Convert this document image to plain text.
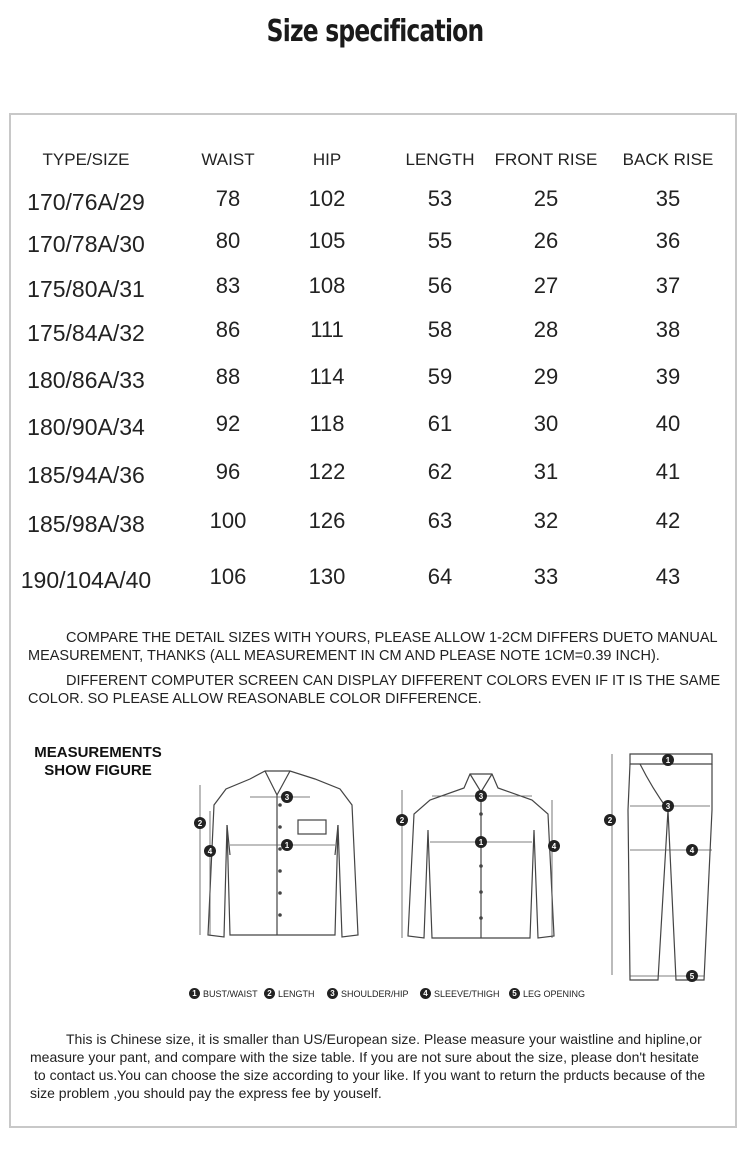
Size specification
TYPE/SIZE	WAIST	HIP	LENGTH	FRONT RISE	BACK RISE
170/76A/29	78	102	53	25	35
170/78A/30	80	105	55	26	36
175/80A/31	83	108	56	27	37
175/84A/32	86	111	58	28	38
180/86A/33	88	114	59	29	39
180/90A/34	92	118	61	30	40
185/94A/36	96	122	62	31	41
185/98A/38	100	126	63	32	42
190/104A/40	106	130	64	33	43
COMPARE THE DETAIL SIZES WITH YOURS, PLEASE ALLOW 1-2CM DIFFERS DUETO MANUAL
MEASUREMENT, THANKS (ALL MEASUREMENT IN CM AND PLEASE NOTE 1CM=0.39 INCH).
DIFFERENT COMPUTER SCREEN CAN DISPLAY DIFFERENT COLORS EVEN IF IT IS THE SAME
COLOR. SO PLEASE ALLOW REASONABLE COLOR DIFFERENCE.
MEASUREMENTS
SHOW FIGURE
3
1
2
4
3
1
2
4
1
3
2
4
5
1 BUST/WAIST	2 LENGTH	3 SHOULDER/HIP	4 SLEEVE/THIGH	5 LEG OPENING
This is Chinese size, it is smaller than US/European size. Please measure your waistline and hipline,or
measure your pant, and compare with the size table. If you are not sure about the size, please don't hesitate
to contact us.You can choose the size according to your like. If you want to return the prducts because of the
size problem ,you should pay the express fee by youself.
